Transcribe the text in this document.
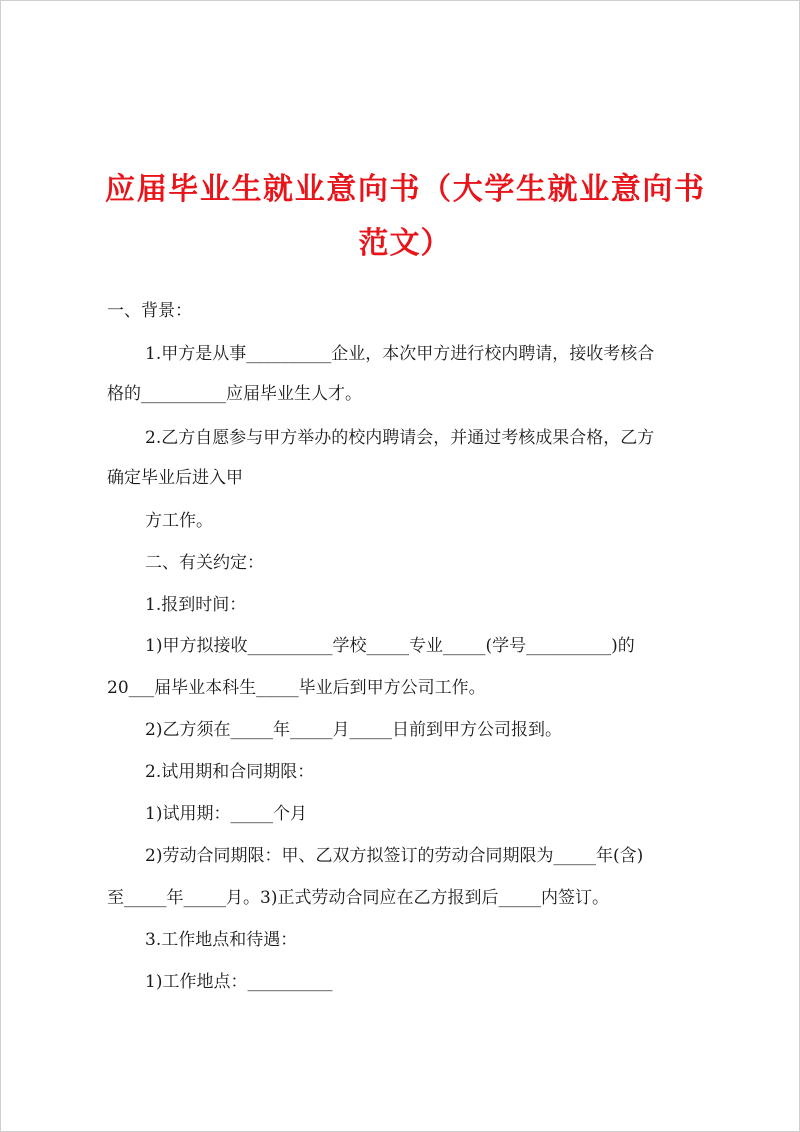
应届毕业生就业意向书（大学生就业意向书范文）

一、背景：

1.甲方是从事__________企业，本次甲方进行校内聘请，接收考核合

格的__________应届毕业生人才。

2.乙方自愿参与甲方举办的校内聘请会，并通过考核成果合格，乙方

确定毕业后进入甲

方工作。

二、有关约定：

1.报到时间：

1)甲方拟接收__________学校_____专业_____(学号__________)的

20___届毕业本科生_____毕业后到甲方公司工作。

2)乙方须在_____年_____月_____日前到甲方公司报到。

2.试用期和合同期限：

1)试用期：_____个月

2)劳动合同期限：甲、乙双方拟签订的劳动合同期限为_____年(含)

至_____年_____月。3)正式劳动合同应在乙方报到后_____内签订。

3.工作地点和待遇：

1)工作地点：__________
